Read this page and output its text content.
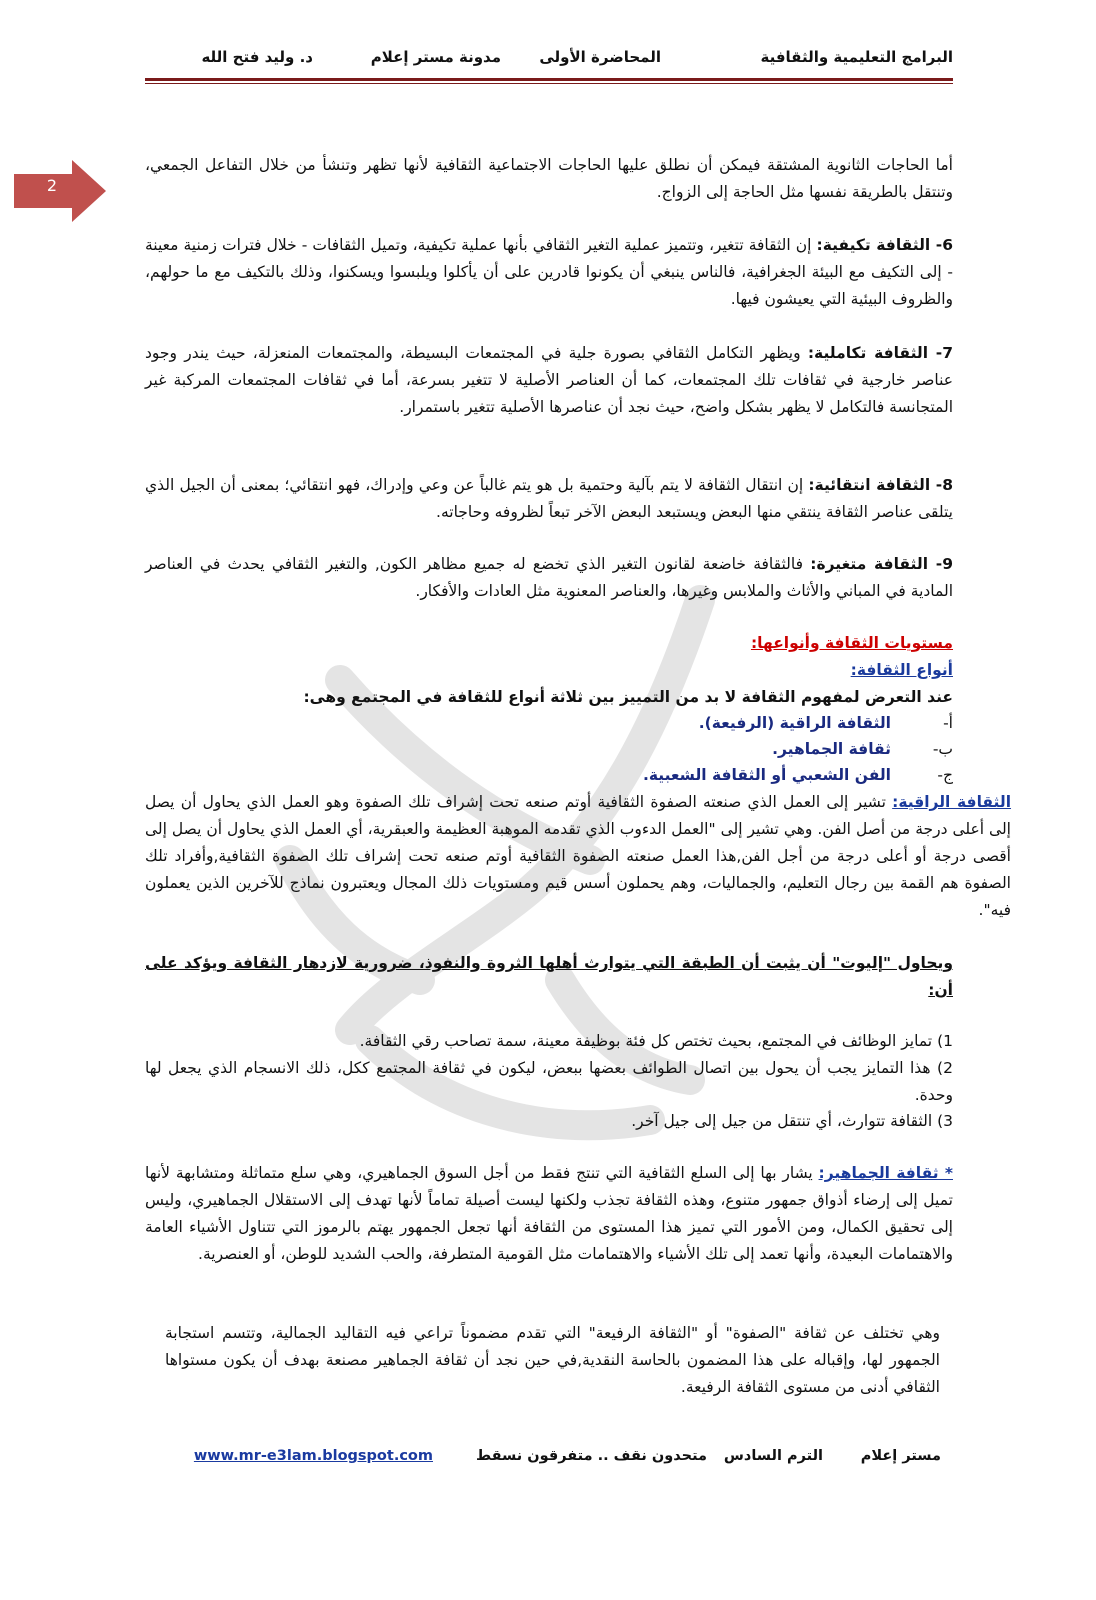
البرامج التعليمية والثقافية
المحاضرة الأولى
مدونة مستر إعلام
د. وليد فتح الله
2
أما الحاجات الثانوية المشتقة فيمكن أن نطلق عليها الحاجات الاجتماعية الثقافية لأنها تظهر وتنشأ من خلال التفاعل الجمعي، وتنتقل بالطريقة نفسها مثل الحاجة إلى الزواج.
6- الثقافة تكيفية: إن الثقافة تتغير، وتتميز عملية التغير الثقافي بأنها عملية تكيفية، وتميل الثقافات - خلال فترات زمنية معينة - إلى التكيف مع البيئة الجغرافية، فالناس ينبغي أن يكونوا قادرين على أن يأكلوا ويلبسوا ويسكنوا، وذلك بالتكيف مع ما حولهم، والظروف البيئية التي يعيشون فيها.
7- الثقافة تكاملية: ويظهر التكامل الثقافي بصورة جلية في المجتمعات البسيطة، والمجتمعات المنعزلة، حيث يندر وجود عناصر خارجية في ثقافات تلك المجتمعات، كما أن العناصر الأصلية لا تتغير بسرعة، أما في ثقافات المجتمعات المركبة غير المتجانسة فالتكامل لا يظهر بشكل واضح، حيث نجد أن عناصرها الأصلية تتغير باستمرار.
8- الثقافة انتقائية: إن انتقال الثقافة لا يتم بآلية وحتمية بل هو يتم غالباً عن وعي وإدراك، فهو انتقائي؛ بمعنى أن الجيل الذي يتلقى عناصر الثقافة ينتقي منها البعض ويستبعد البعض الآخر تبعاً لظروفه وحاجاته.
9- الثقافة متغيرة: فالثقافة خاضعة لقانون التغير الذي تخضع له جميع مظاهر الكون, والتغير الثقافي يحدث في العناصر المادية في المباني والأثاث والملابس وغيرها، والعناصر المعنوية مثل العادات والأفكار.
مستويات الثقافة وأنواعها:
أنواع الثقافة:
عند التعرض لمفهوم الثقافة لا بد من التمييز بين ثلاثة أنواع للثقافة في المجتمع وهى:
أ-الثقافة الراقية (الرفيعة).
ب-ثقافة الجماهير.
ج-الفن الشعبي أو الثقافة الشعبية.
الثقافة الراقية: تشير إلى العمل الذي صنعته الصفوة الثقافية أوتم صنعه تحت إشراف تلك الصفوة وهو العمل الذي يحاول أن يصل إلى أعلى درجة من أصل الفن. وهي تشير إلى "العمل الدءوب الذي تقدمه الموهبة العظيمة والعبقرية، أي العمل الذي يحاول أن يصل إلى أقصى درجة أو أعلى درجة من أجل الفن,هذا العمل صنعته الصفوة الثقافية أوتم صنعه تحت إشراف تلك الصفوة الثقافية,وأفراد تلك الصفوة هم القمة بين رجال التعليم، والجماليات، وهم يحملون أسس قيم ومستويات ذلك المجال ويعتبرون نماذج للآخرين الذين يعملون فيه".
ويحاول "إليوت" أن يثبت أن الطبقة التي يتوارث أهلها الثروة والنفوذ، ضرورية لازدهار الثقافة ويؤكد على أن:
1) تمايز الوظائف في المجتمع، بحيث تختص كل فئة بوظيفة معينة، سمة تصاحب رقي الثقافة.
2) هذا التمايز يجب أن يحول بين اتصال الطوائف بعضها ببعض، ليكون في ثقافة المجتمع ككل، ذلك الانسجام الذي يجعل لها وحدة.
3) الثقافة تتوارث، أي تنتقل من جيل إلى جيل آخر.
* ثقافة الجماهير: يشار بها إلى السلع الثقافية التي تنتج فقط من أجل السوق الجماهيري، وهي سلع متماثلة ومتشابهة لأنها تميل إلى إرضاء أذواق جمهور متنوع، وهذه الثقافة تجذب ولكنها ليست أصيلة تماماً لأنها تهدف إلى الاستقلال الجماهيري، وليس إلى تحقيق الكمال، ومن الأمور التي تميز هذا المستوى من الثقافة أنها تجعل الجمهور يهتم بالرموز التي تتناول الأشياء العامة والاهتمامات البعيدة، وأنها تعمد إلى تلك الأشياء والاهتمامات مثل القومية المتطرفة، والحب الشديد للوطن، أو العنصرية.
وهي تختلف عن ثقافة "الصفوة" أو "الثقافة الرفيعة" التي تقدم مضموناً تراعي فيه التقاليد الجمالية، وتتسم استجابة الجمهور لها، وإقباله على هذا المضمون بالحاسة النقدية,في حين نجد أن ثقافة الجماهير مصنعة بهدف أن يكون مستواها الثقافي أدنى من مستوى الثقافة الرفيعة.
مستر إعلام
الترم السادس
متحدون نقف .. متفرقون نسقط
www.mr-e3lam.blogspot.com
